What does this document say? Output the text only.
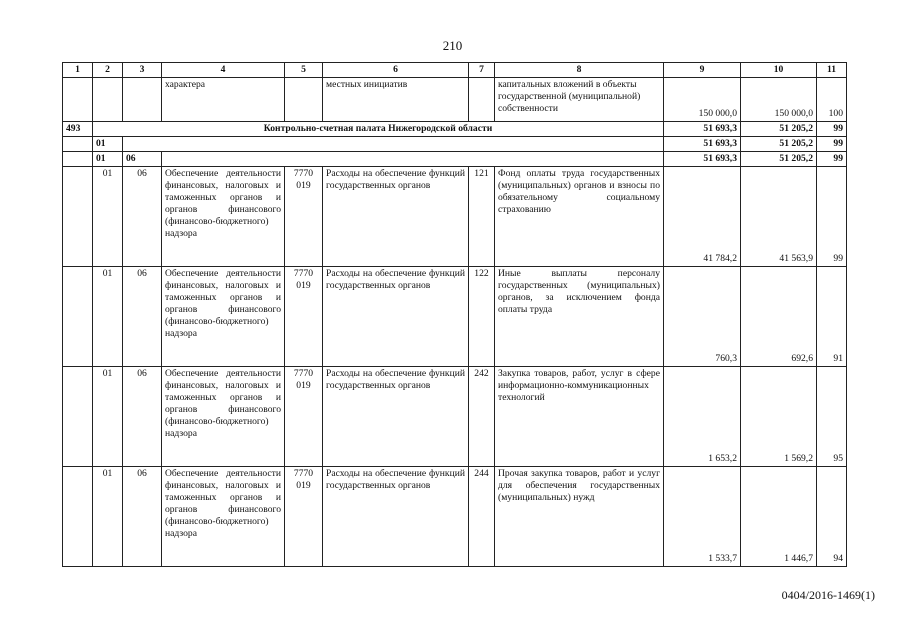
210
1	2	3	4	5	6	7	8	9	10	11
			характера		местных инициатив		капитальных вложений в объекты государственной (муниципальной) собственности	150 000,0	150 000,0	100
493	Контрольно-счетная палата Нижегородской области							51 693,3	51 205,2	99
	01							51 693,3	51 205,2	99
	01	06						51 693,3	51 205,2	99
	01	06	Обеспечение деятельности финансовых, налоговых и таможенных органов и органов финансового (финансово-бюджетного) надзора	7770 019	Расходы на обеспечение функций государственных органов	121	Фонд оплаты труда государственных (муниципальных) органов и взносы по обязательному социальному страхованию	41 784,2	41 563,9	99
	01	06	Обеспечение деятельности финансовых, налоговых и таможенных органов и органов финансового (финансово-бюджетного) надзора	7770 019	Расходы на обеспечение функций государственных органов	122	Иные выплаты персоналу государственных (муниципальных) органов, за исключением фонда оплаты труда	760,3	692,6	91
	01	06	Обеспечение деятельности финансовых, налоговых и таможенных органов и органов финансового (финансово-бюджетного) надзора	7770 019	Расходы на обеспечение функций государственных органов	242	Закупка товаров, работ, услуг в сфере информационно-коммуникационных технологий	1 653,2	1 569,2	95
	01	06	Обеспечение деятельности финансовых, налоговых и таможенных органов и органов финансового (финансово-бюджетного) надзора	7770 019	Расходы на обеспечение функций государственных органов	244	Прочая закупка товаров, работ и услуг для обеспечения государственных (муниципальных) нужд	1 533,7	1 446,7	94
0404/2016-1469(1)
